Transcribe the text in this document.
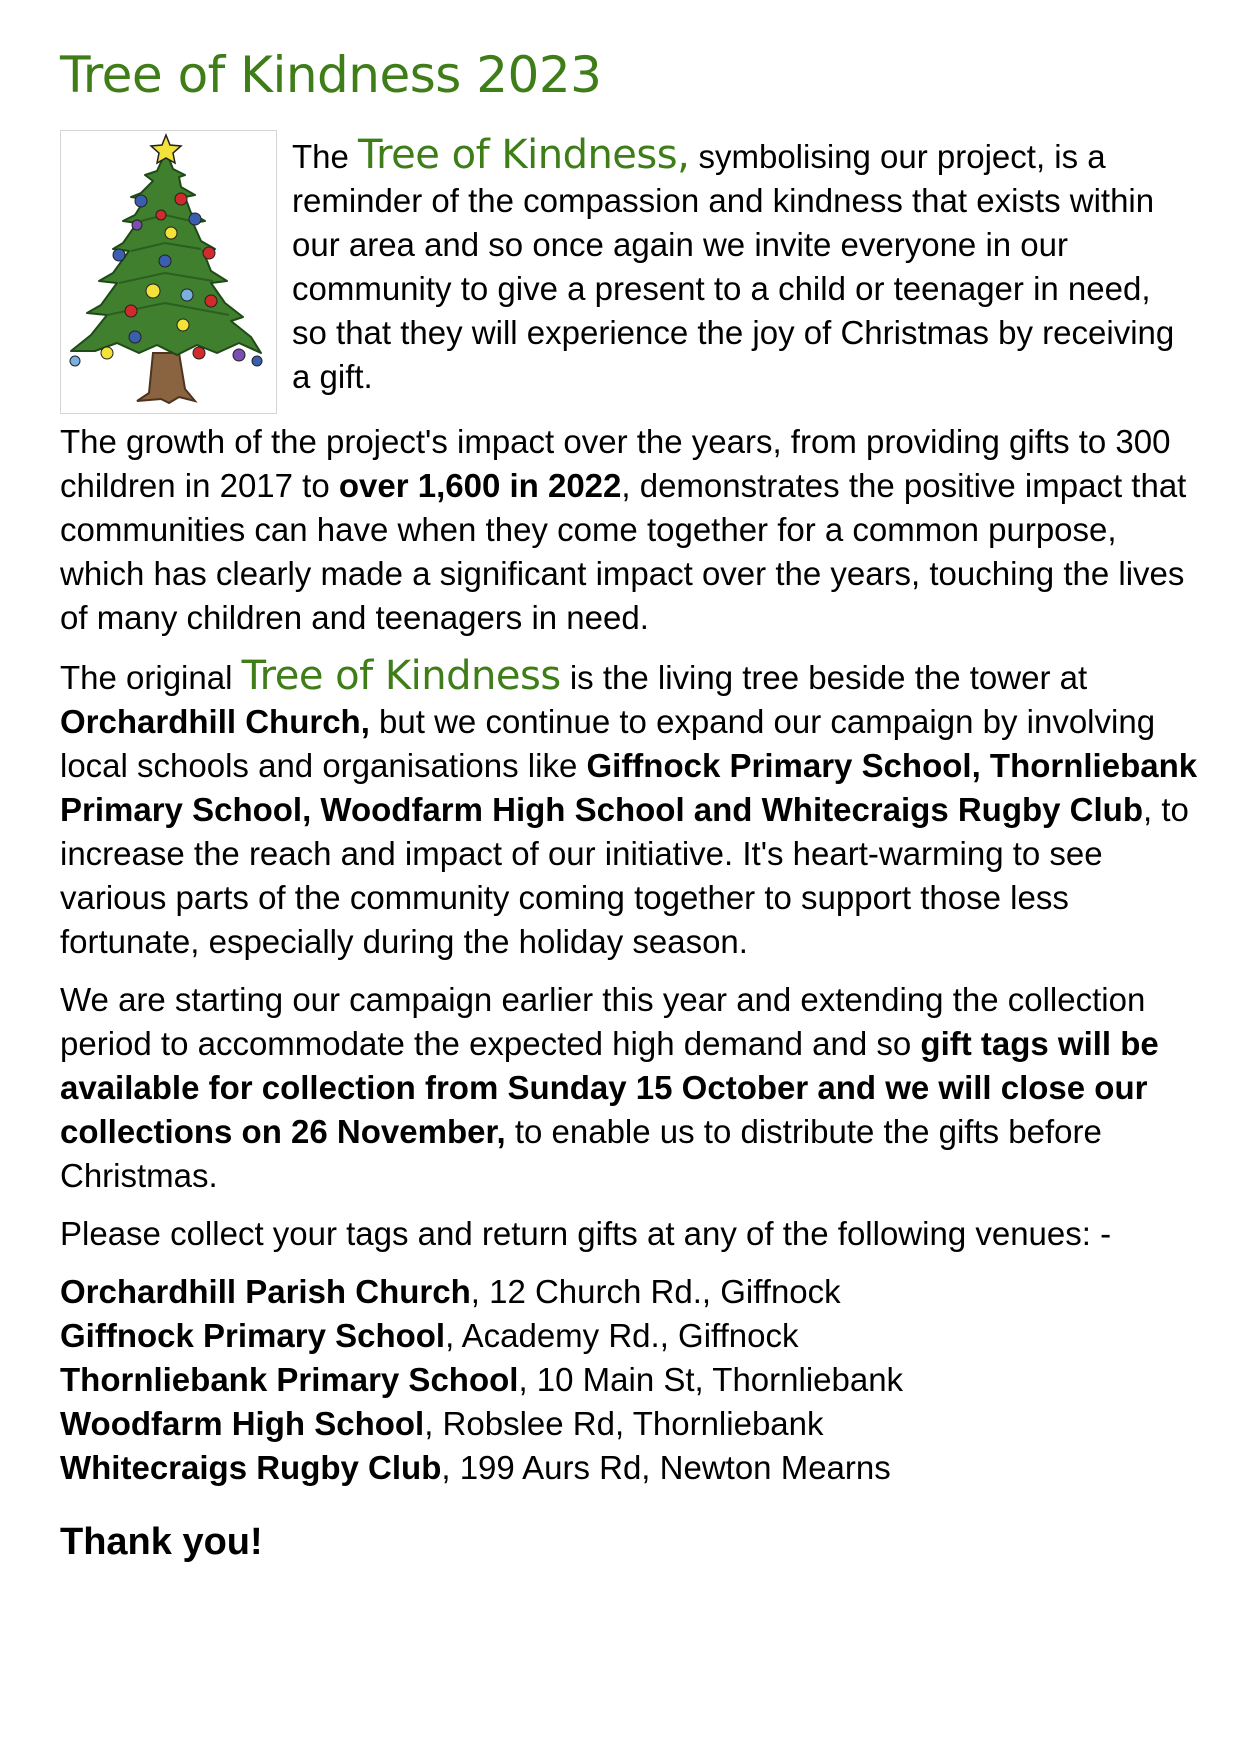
Tree of Kindness 2023

The Tree of Kindness, symbolising our project, is a reminder of the compassion and kindness that exists within our area and so once again we invite everyone in our community to give a present to a child or teenager in need, so that they will experience the joy of Christmas by receiving a gift.

The growth of the project's impact over the years, from providing gifts to 300 children in 2017 to over 1,600 in 2022, demonstrates the positive impact that communities can have when they come together for a common purpose, which has clearly made a significant impact over the years, touching the lives of many children and teenagers in need.

The original Tree of Kindness is the living tree beside the tower at Orchardhill Church, but we continue to expand our campaign by involving local schools and organisations like Giffnock Primary School, Thornliebank Primary School, Woodfarm High School and Whitecraigs Rugby Club, to increase the reach and impact of our initiative. It's heart-warming to see various parts of the community coming together to support those less fortunate, especially during the holiday season.

We are starting our campaign earlier this year and extending the collection period to accommodate the expected high demand and so gift tags will be available for collection from Sunday 15 October and we will close our collections on 26 November, to enable us to distribute the gifts before Christmas.

Please collect your tags and return gifts at any of the following venues: -

Orchardhill Parish Church, 12 Church Rd., Giffnock
Giffnock Primary School, Academy Rd., Giffnock
Thornliebank Primary School, 10 Main St, Thornliebank
Woodfarm High School, Robslee Rd, Thornliebank
Whitecraigs Rugby Club, 199 Aurs Rd, Newton Mearns

Thank you!
